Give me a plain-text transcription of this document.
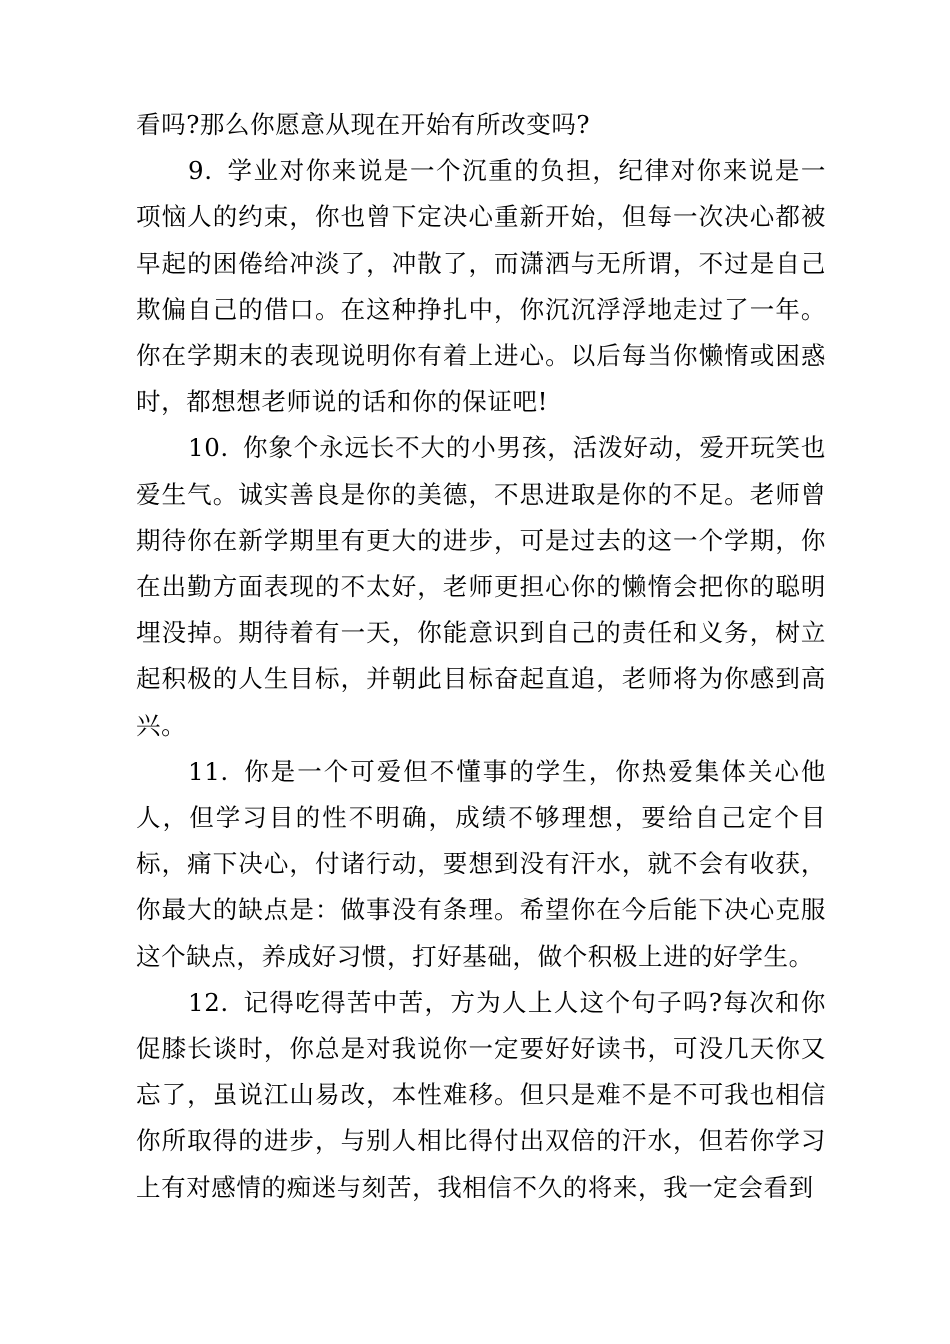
看吗?那么你愿意从现在开始有所改变吗?

9. 学业对你来说是一个沉重的负担，纪律对你来说是一项恼人的约束，你也曾下定决心重新开始，但每一次决心都被早起的困倦给冲淡了，冲散了，而潇洒与无所谓，不过是自己欺偏自己的借口。在这种挣扎中，你沉沉浮浮地走过了一年。你在学期末的表现说明你有着上进心。以后每当你懒惰或困惑时，都想想老师说的话和你的保证吧!

10. 你象个永远长不大的小男孩，活泼好动，爱开玩笑也爱生气。诚实善良是你的美德，不思进取是你的不足。老师曾期待你在新学期里有更大的进步，可是过去的这一个学期，你在出勤方面表现的不太好，老师更担心你的懒惰会把你的聪明埋没掉。期待着有一天，你能意识到自己的责任和义务，树立起积极的人生目标，并朝此目标奋起直追，老师将为你感到高兴。

11. 你是一个可爱但不懂事的学生，你热爱集体关心他人，但学习目的性不明确，成绩不够理想，要给自己定个目标，痛下决心，付诸行动，要想到没有汗水，就不会有收获，你最大的缺点是：做事没有条理。希望你在今后能下决心克服这个缺点，养成好习惯，打好基础，做个积极上进的好学生。

12. 记得吃得苦中苦，方为人上人这个句子吗?每次和你促膝长谈时，你总是对我说你一定要好好读书，可没几天你又忘了，虽说江山易改，本性难移。但只是难不是不可我也相信你所取得的进步，与别人相比得付出双倍的汗水，但若你学习上有对感情的痴迷与刻苦，我相信不久的将来，我一定会看到
